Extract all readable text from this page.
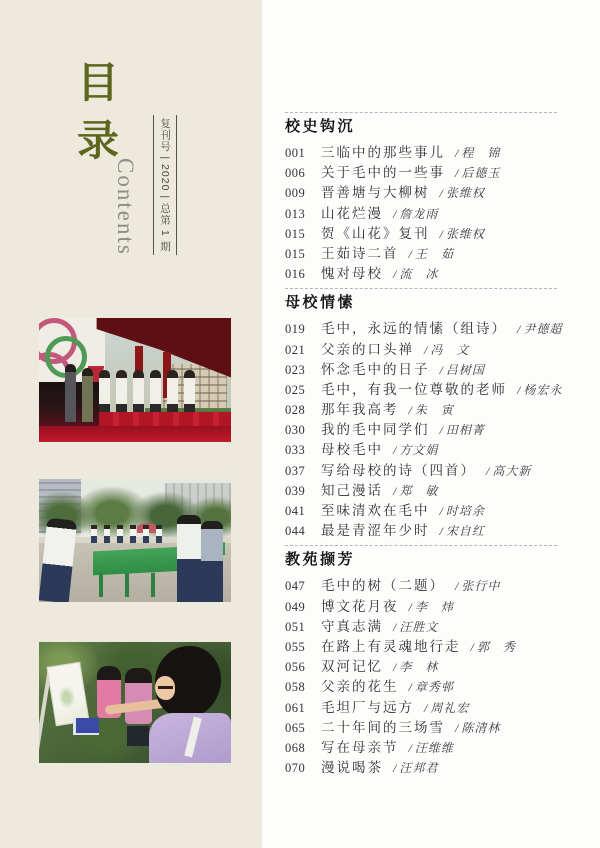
目录
Contents	复刊号 | 2020 | 总第 1 期	校史钩沉
001 三临中的那些事儿 / 程　锦
006 关于毛中的一些事 / 后德玉
009 晋善塘与大柳树 / 张维权
013 山花烂漫 / 詹龙雨
015 贺《山花》复刊 / 张维权
015 王茹诗二首 / 王　茹
016 愧对母校 / 流　冰
母校情愫
019 毛中，永远的情愫（组诗） / 尹德超
021 父亲的口头禅 / 冯　文
023 怀念毛中的日子 / 吕树国
025 毛中，有我一位尊敬的老师 / 杨宏永
028 那年我高考 / 朱　寅
030 我的毛中同学们 / 田相菁
033 母校毛中 / 方文娟
037 写给母校的诗（四首） / 高大新
039 知己漫话 / 郑　敏
041 至味清欢在毛中 / 时培余
044 最是青涩年少时 / 宋自红
教苑撷芳
047 毛中的树（二题） / 张行中
049 博文花月夜 / 李　炜
051 守真志满 / 汪胜文
055 在路上有灵魂地行走 / 郭　秀
056 双河记忆 / 李　林
058 父亲的花生 / 章秀邨
061 毛坦厂与远方 / 周礼宏
065 二十年间的三场雪 / 陈清林
068 写在母亲节 / 汪维维
070 漫说喝茶 / 汪邦君
